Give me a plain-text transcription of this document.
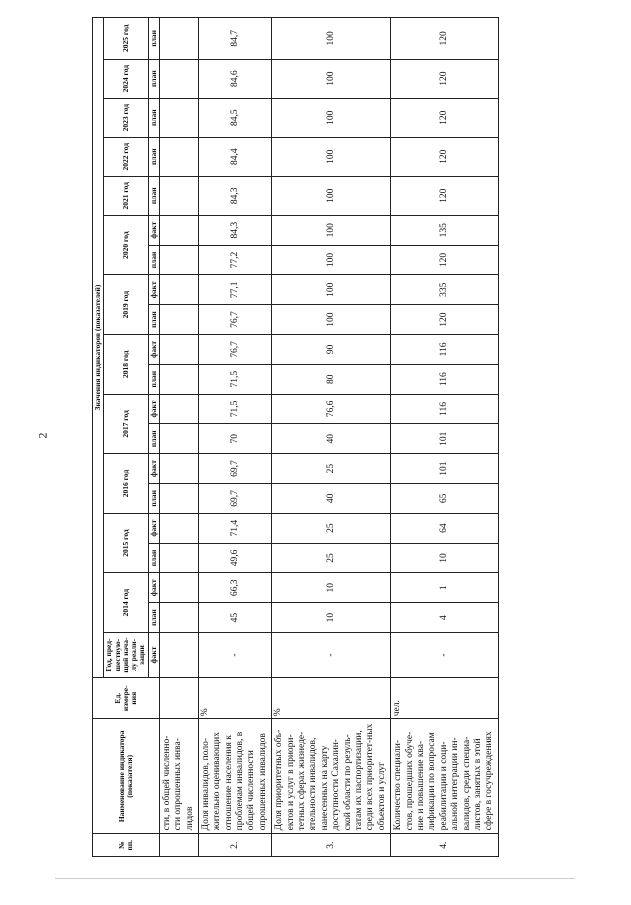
2
№ пп.	Наименование индикатора (показателя)	Ед. измере-ния	Значения индикаторов (показателей)																			
			Год, пред-шествую-щий начa-лу реали-зации	2014 год		2015 год		2016 год		2017 год		2018 год		2019 год		2020 год		2021 год	2022 год	2023 год	2024 год	2025 год
			факт	план	факт	план	факт	план	факт	план	факт	план	факт	план	факт	план	факт	план	план	план	план	план
	сти, в общей численно-сти опрошенных инва-лидов																					
2.	Доля инвалидов, поло-жительно оценивающих отношение населения к проблемам инвалидов, в общей численности опрошенных инвалидов	%	-	45	66,3	49,6	71,4	69,7	69,7	70	71,5	71,5	76,7	76,7	77,1	77,2	84,3	84,3	84,4	84,5	84,6	84,7
3.	Доля приоритетных объ-ектов и услуг в приори-тетных сферах жизнеде-ятельности инвалидов, нанесенных на карту доступности Сахалин-ской области по резуль-татам их паспортизации, среди всех приоритет-ных объектов и услуг	%	-	10	10	25	25	40	25	40	76,6	80	90	100	100	100	100	100	100	100	100	100
4.	Количество специали-стов, прошедших обуче-ние и повышение ква-лификации по вопросам реабилитации и соци-альной интеграции ин-валидов, среди специа-листов, занятых в этой сфере в госучреждениях	чел.	-	4	1	10	64	65	101	101	116	116	116	120	335	120	135	120	120	120	120	120
